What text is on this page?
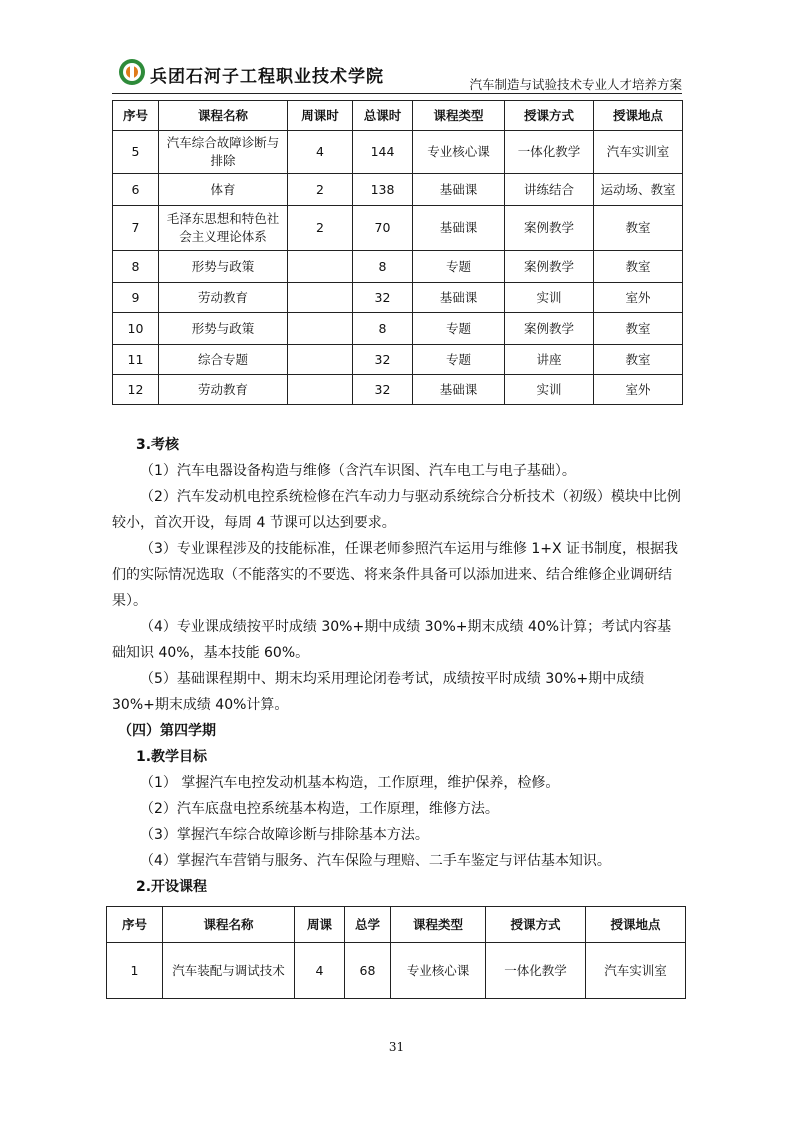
兵团石河子工程职业技术学院	汽车制造与试验技术专业人才培养方案
序号	课程名称	周课时	总课时	课程类型	授课方式	授课地点
5	汽车综合故障诊断与排除	4	144	专业核心课	一体化教学	汽车实训室
6	体育	2	138	基础课	讲练结合	运动场、教室
7	毛泽东思想和特色社会主义理论体系	2	70	基础课	案例教学	教室
8	形势与政策		8	专题	案例教学	教室
9	劳动教育		32	基础课	实训	室外
10	形势与政策		8	专题	案例教学	教室
11	综合专题		32	专题	讲座	教室
12	劳动教育		32	基础课	实训	室外

3.考核

（1）汽车电器设备构造与维修（含汽车识图、汽车电工与电子基础）。

（2）汽车发动机电控系统检修在汽车动力与驱动系统综合分析技术（初级）模块中比例较小，首次开设，每周 4 节课可以达到要求。

（3）专业课程涉及的技能标准，任课老师参照汽车运用与维修 1+X 证书制度，根据我们的实际情况选取（不能落实的不要选、将来条件具备可以添加进来、结合维修企业调研结果）。

（4）专业课成绩按平时成绩 30%+期中成绩 30%+期末成绩 40%计算；考试内容基础知识 40%，基本技能 60%。

（5）基础课程期中、期末均采用理论闭卷考试，成绩按平时成绩 30%+期中成绩 30%+期末成绩 40%计算。

（四）第四学期

1.教学目标

（1） 掌握汽车电控发动机基本构造，工作原理，维护保养，检修。

（2）汽车底盘电控系统基本构造，工作原理，维修方法。

（3）掌握汽车综合故障诊断与排除基本方法。

（4）掌握汽车营销与服务、汽车保险与理赔、二手车鉴定与评估基本知识。

2.开设课程

序号	课程名称	周课	总学	课程类型	授课方式	授课地点
1	汽车装配与调试技术	4	68	专业核心课	一体化教学	汽车实训室
31
